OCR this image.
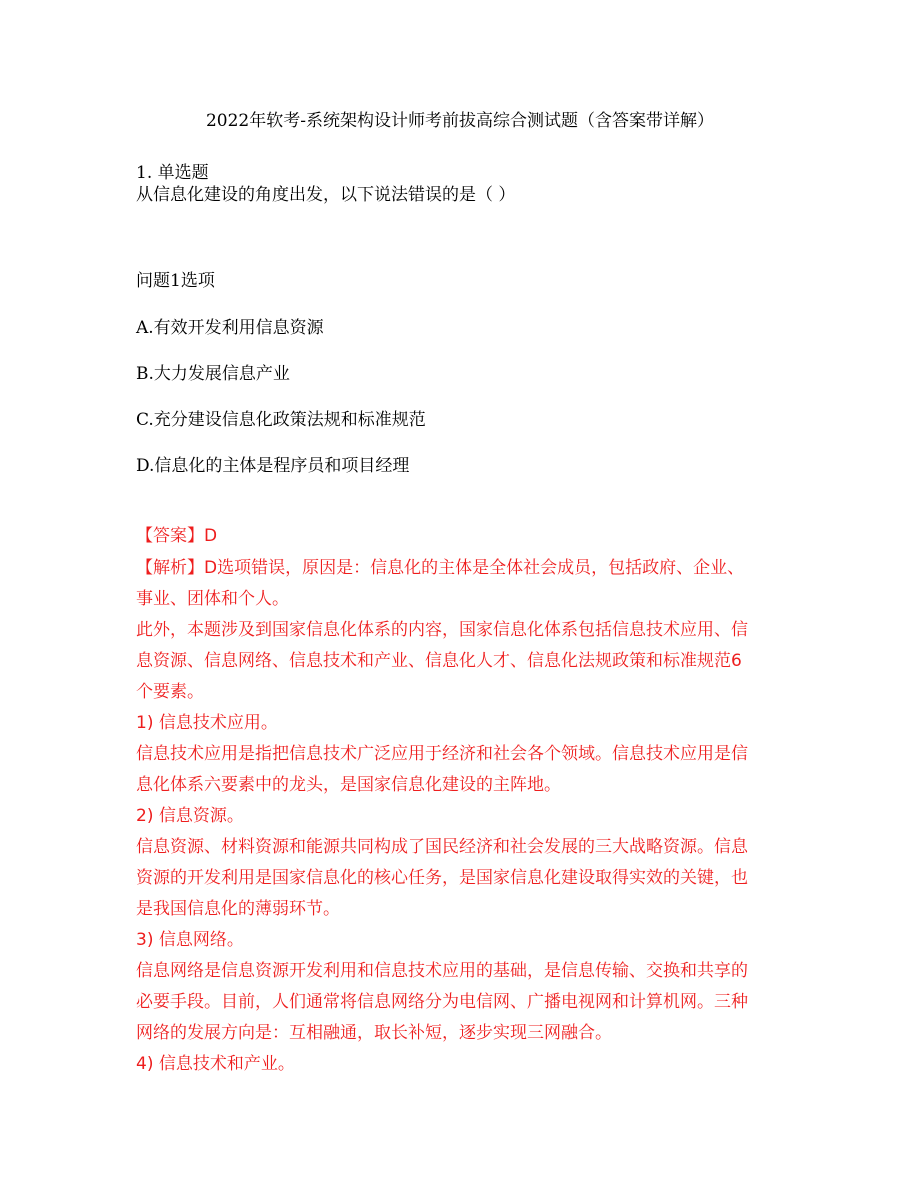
2022年软考-系统架构设计师考前拔高综合测试题（含答案带详解）
1. 单选题
从信息化建设的角度出发，以下说法错误的是（ ）
问题1选项
A.有效开发利用信息资源
B.大力发展信息产业
C.充分建设信息化政策法规和标准规范
D.信息化的主体是程序员和项目经理
【答案】D
【解析】D选项错误，原因是：信息化的主体是全体社会成员，包括政府、企业、
事业、团体和个人。
此外，本题涉及到国家信息化体系的内容，国家信息化体系包括信息技术应用、信
息资源、信息网络、信息技术和产业、信息化人才、信息化法规政策和标准规范6
个要素。
1) 信息技术应用。
信息技术应用是指把信息技术广泛应用于经济和社会各个领域。信息技术应用是信
息化体系六要素中的龙头，是国家信息化建设的主阵地。
2) 信息资源。
信息资源、材料资源和能源共同构成了国民经济和社会发展的三大战略资源。信息
资源的开发利用是国家信息化的核心任务，是国家信息化建设取得实效的关键，也
是我国信息化的薄弱环节。
3) 信息网络。
信息网络是信息资源开发利用和信息技术应用的基础，是信息传输、交换和共享的
必要手段。目前，人们通常将信息网络分为电信网、广播电视网和计算机网。三种
网络的发展方向是：互相融通，取长补短，逐步实现三网融合。
4) 信息技术和产业。
